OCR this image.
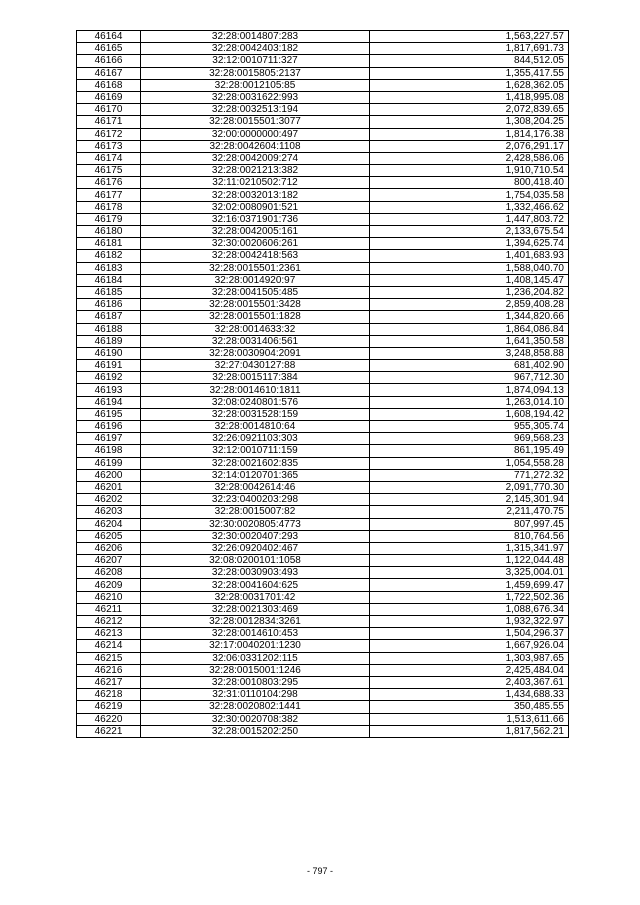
46164	32:28:0014807:283	1,563,227.57
46165	32:28:0042403:182	1,817,691.73
46166	32:12:0010711:327	844,512.05
46167	32:28:0015805:2137	1,355,417.55
46168	32:28:0012105:85	1,628,362.05
46169	32:28:0031622:993	1,418,995.08
46170	32:28:0032513:194	2,072,839.65
46171	32:28:0015501:3077	1,308,204.25
46172	32:00:0000000:497	1,814,176.38
46173	32:28:0042604:1108	2,076,291.17
46174	32:28:0042009:274	2,428,586.06
46175	32:28:0021213:382	1,910,710.54
46176	32:11:0210502:712	800,418.40
46177	32:28:0032013:182	1,754,035.58
46178	32:02:0080901:521	1,332,466.62
46179	32:16:0371901:736	1,447,803.72
46180	32:28:0042005:161	2,133,675.54
46181	32:30:0020606:261	1,394,625.74
46182	32:28:0042418:563	1,401,683.93
46183	32:28:0015501:2361	1,588,040.70
46184	32:28:0014920:97	1,408,145.47
46185	32:28:0041505:485	1,236,204.82
46186	32:28:0015501:3428	2,859,408.28
46187	32:28:0015501:1828	1,344,820.66
46188	32:28:0014633:32	1,864,086.84
46189	32:28:0031406:561	1,641,350.58
46190	32:28:0030904:2091	3,248,858.88
46191	32:27:0430127:88	681,402.90
46192	32:28:0015117:384	967,712.30
46193	32:28:0014610:1811	1,874,094.13
46194	32:08:0240801:576	1,263,014.10
46195	32:28:0031528:159	1,608,194.42
46196	32:28:0014810:64	955,305.74
46197	32:26:0921103:303	969,568.23
46198	32:12:0010711:159	861,195.49
46199	32:28:0021602:835	1,054,558.28
46200	32:14:0120701:365	771,272.32
46201	32:28:0042614:46	2,091,770.30
46202	32:23:0400203:298	2,145,301.94
46203	32:28:0015007:82	2,211,470.75
46204	32:30:0020805:4773	807,997.45
46205	32:30:0020407:293	810,764.56
46206	32:26:0920402:467	1,315,341.97
46207	32:08:0200101:1058	1,122,044.48
46208	32:28:0030903:493	3,325,004.01
46209	32:28:0041604:625	1,459,699.47
46210	32:28:0031701:42	1,722,502.36
46211	32:28:0021303:469	1,088,676.34
46212	32:28:0012834:3261	1,932,322.97
46213	32:28:0014610:453	1,504,296.37
46214	32:17:0040201:1230	1,667,926.04
46215	32:06:0331202:115	1,303,987.65
46216	32:28:0015001:1246	2,425,484.04
46217	32:28:0010803:295	2,403,367.61
46218	32:31:0110104:298	1,434,688.33
46219	32:28:0020802:1441	350,485.55
46220	32:30:0020708:382	1,513,611.66
46221	32:28:0015202:250	1,817,562.21
- 797 -
